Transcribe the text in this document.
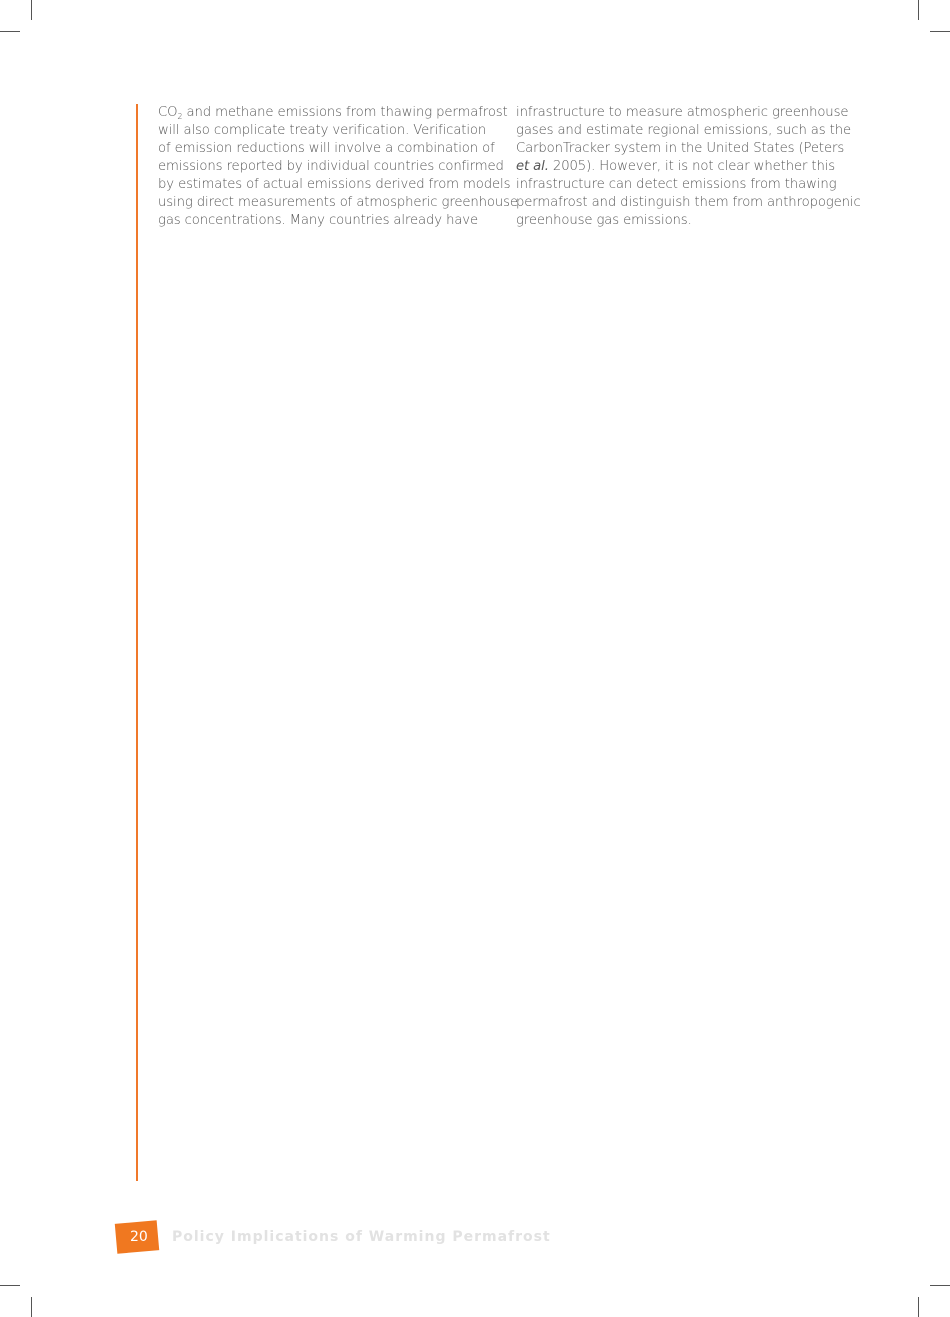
$CO_2$ and methane emissions from thawing permafrost
will also complicate treaty verification. Verification
of emission reductions will involve a combination of
emissions reported by individual countries confirmed
by estimates of actual emissions derived from models
using direct measurements of atmospheric greenhouse
gas concentrations. Many countries already have
infrastructure to measure atmospheric greenhouse
gases and estimate regional emissions, such as the
CarbonTracker system in the United States (Peters
et al. 2005). However, it is not clear whether this
infrastructure can detect emissions from thawing
permafrost and distinguish them from anthropogenic
greenhouse gas emissions.
20 Policy Implications of Warming Permafrost
